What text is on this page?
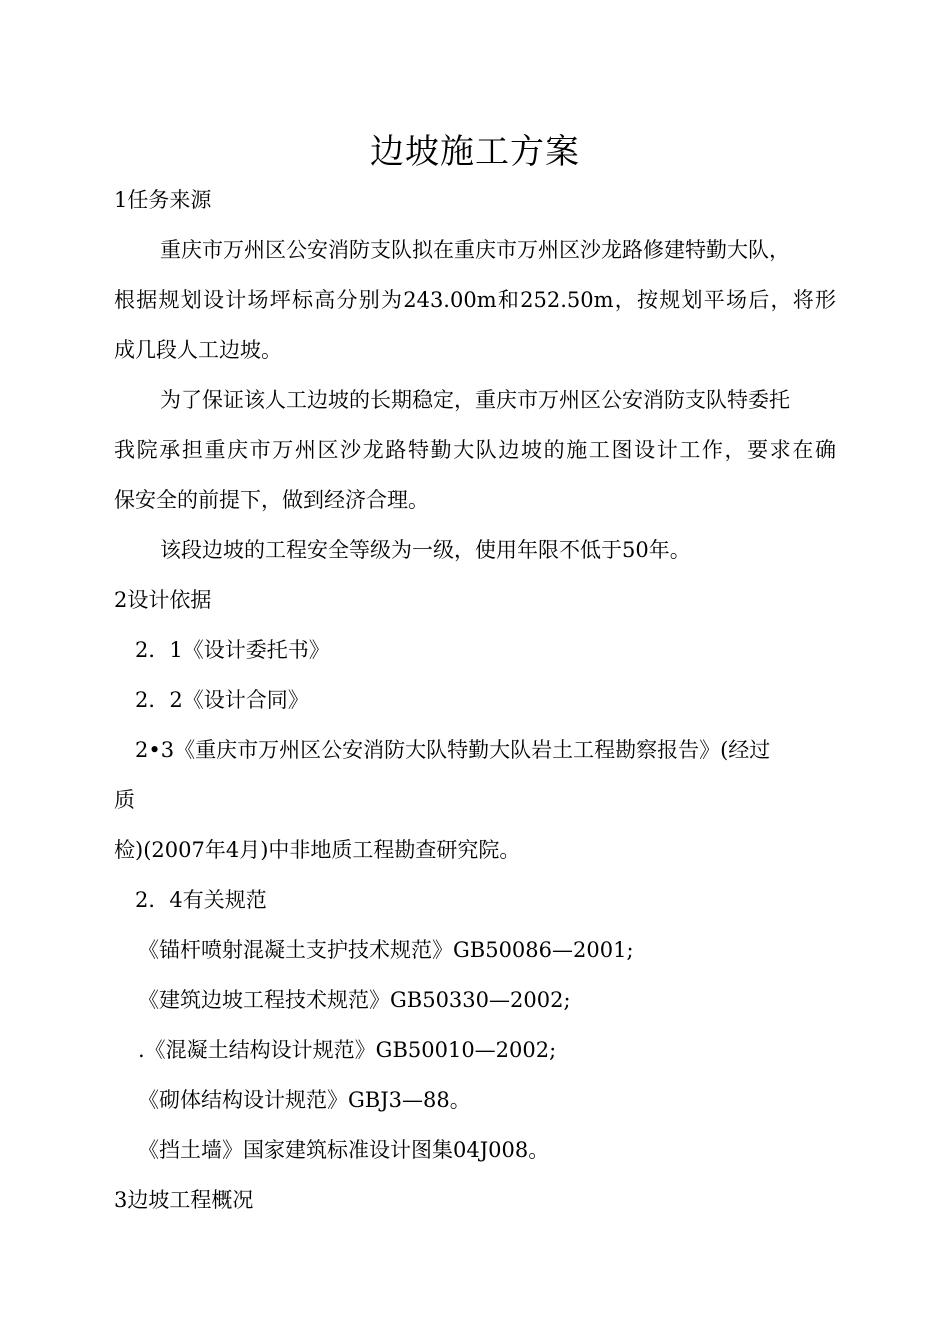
边坡施工方案
1任务来源
重庆市万州区公安消防支队拟在重庆市万州区沙龙路修建特勤大队，
根据规划设计场坪标高分别为243.00m和252.50m，按规划平场后，将形
成几段人工边坡。
为了保证该人工边坡的长期稳定，重庆市万州区公安消防支队特委托
我院承担重庆市万州区沙龙路特勤大队边坡的施工图设计工作，要求在确
保安全的前提下，做到经济合理。
该段边坡的工程安全等级为一级，使用年限不低于50年。
2设计依据
2．1《设计委托书》
2．2《设计合同》
2•3《重庆市万州区公安消防大队特勤大队岩土工程勘察报告》(经过
质
检)(2007年4月)中非地质工程勘查研究院。
2．4有关规范
《锚杆喷射混凝土支护技术规范》GB50086—2001;
《建筑边坡工程技术规范》GB50330—2002;
.《混凝土结构设计规范》GB50010—2002;
《砌体结构设计规范》GBJ3—88。
《挡土墙》国家建筑标准设计图集04J008。
3边坡工程概况
